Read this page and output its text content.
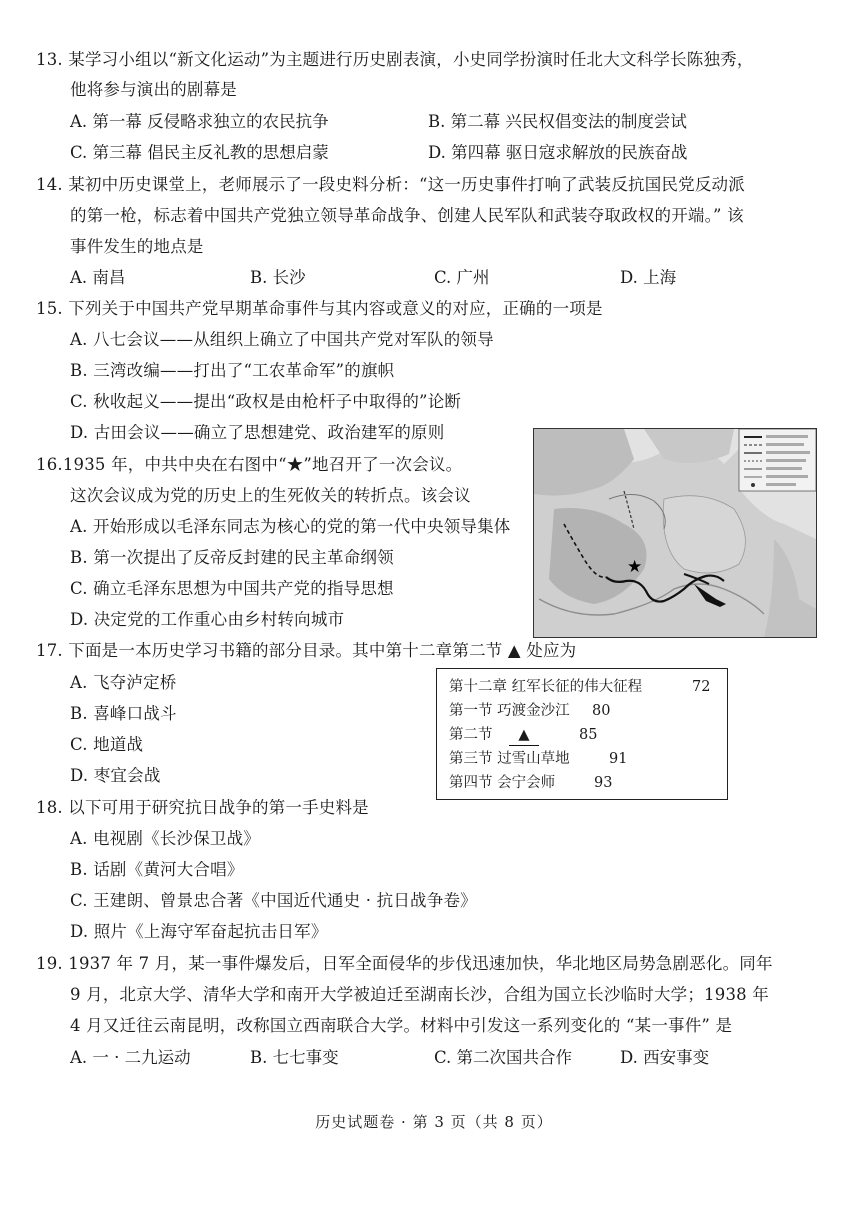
13. 某学习小组以“新文化运动”为主题进行历史剧表演，小史同学扮演时任北大文科学长陈独秀，
他将参与演出的剧幕是
A. 第一幕 反侵略求独立的农民抗争	B. 第二幕 兴民权倡变法的制度尝试
C. 第三幕 倡民主反礼教的思想启蒙	D. 第四幕 驱日寇求解放的民族奋战
14. 某初中历史课堂上，老师展示了一段史料分析：“这一历史事件打响了武装反抗国民党反动派
的第一枪，标志着中国共产党独立领导革命战争、创建人民军队和武装夺取政权的开端。” 该
事件发生的地点是
A. 南昌	B. 长沙	C. 广州	D. 上海
15. 下列关于中国共产党早期革命事件与其内容或意义的对应，正确的一项是
A. 八七会议——从组织上确立了中国共产党对军队的领导
B. 三湾改编——打出了“工农革命军”的旗帜
C. 秋收起义——提出“政权是由枪杆子中取得的”论断
D. 古田会议——确立了思想建党、政治建军的原则
16.1935 年，中共中央在右图中“★”地召开了一次会议。
这次会议成为党的历史上的生死攸关的转折点。该会议
A. 开始形成以毛泽东同志为核心的党的第一代中央领导集体
B. 第一次提出了反帝反封建的民主革命纲领
C. 确立毛泽东思想为中国共产党的指导思想
D. 决定党的工作重心由乡村转向城市
★
17. 下面是一本历史学习书籍的部分目录。其中第十二章第二节 ▲ 处应为
A. 飞夺泸定桥
B. 喜峰口战斗
C. 地道战
D. 枣宜会战
第十二章 红军长征的伟大征程	72
第一节 巧渡金沙江 80
第二节	▲	85
第三节 过雪山草地	91
第四节 会宁会师	93
18. 以下可用于研究抗日战争的第一手史料是
A. 电视剧《长沙保卫战》
B. 话剧《黄河大合唱》
C. 王建朗、曾景忠合著《中国近代通史 · 抗日战争卷》
D. 照片《上海守军奋起抗击日军》
19. 1937 年 7 月，某一事件爆发后，日军全面侵华的步伐迅速加快，华北地区局势急剧恶化。同年
9 月，北京大学、清华大学和南开大学被迫迁至湖南长沙，合组为国立长沙临时大学；1938 年
4 月又迁往云南昆明，改称国立西南联合大学。材料中引发这一系列变化的 “某一事件” 是
A. 一 · 二九运动	B. 七七事变	C. 第二次国共合作	D. 西安事变
历史试题卷 · 第 3 页（共 8 页）
